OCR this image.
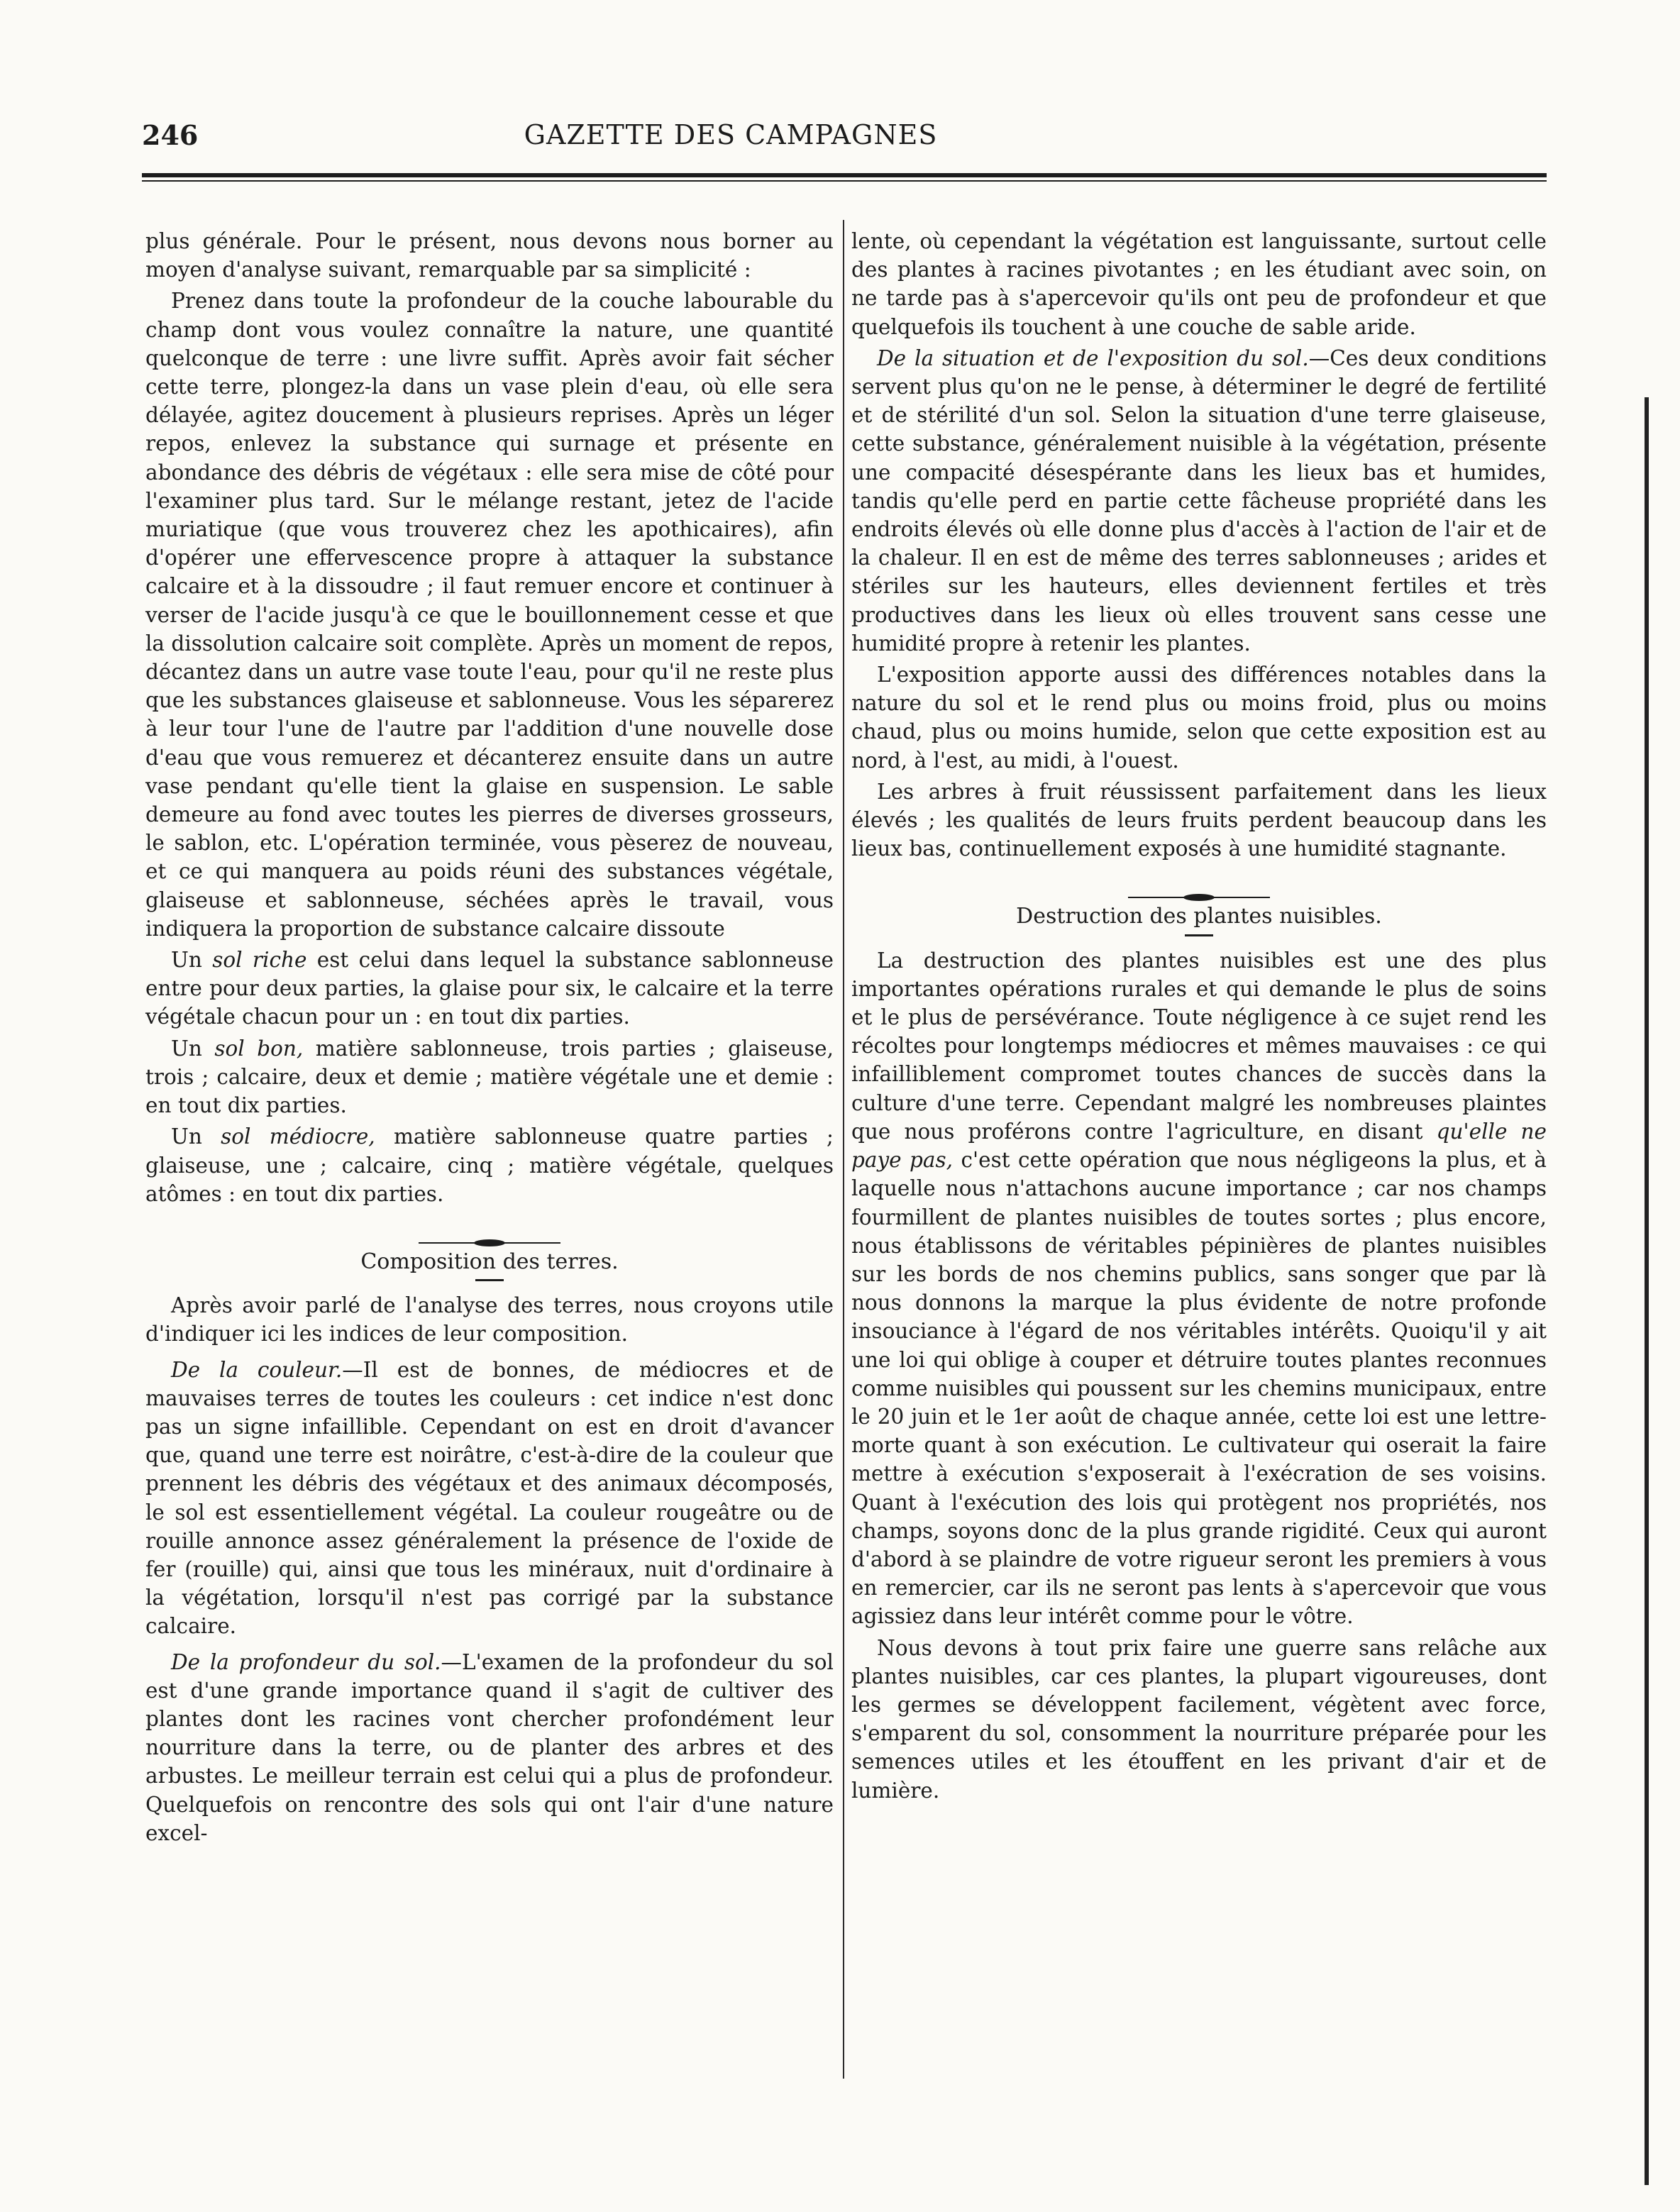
246	GAZETTE DES CAMPAGNES

plus générale. Pour le présent, nous devons nous borner au moyen d'analyse suivant, remarquable par sa simplicité :

Prenez dans toute la profondeur de la couche labourable du champ dont vous voulez connaître la nature, une quantité quelconque de terre : une livre suffit. Après avoir fait sécher cette terre, plongez-la dans un vase plein d'eau, où elle sera délayée, agitez doucement à plusieurs reprises. Après un léger repos, enlevez la substance qui surnage et présente en abondance des débris de végétaux : elle sera mise de côté pour l'examiner plus tard. Sur le mélange restant, jetez de l'acide muriatique (que vous trouverez chez les apothicaires), afin d'opérer une effervescence propre à attaquer la substance calcaire et à la dissoudre ; il faut remuer encore et continuer à verser de l'acide jusqu'à ce que le bouillonnement cesse et que la dissolution calcaire soit complète. Après un moment de repos, décantez dans un autre vase toute l'eau, pour qu'il ne reste plus que les substances glaiseuse et sablonneuse. Vous les séparerez à leur tour l'une de l'autre par l'addition d'une nouvelle dose d'eau que vous remuerez et décanterez ensuite dans un autre vase pendant qu'elle tient la glaise en suspension. Le sable demeure au fond avec toutes les pierres de diverses grosseurs, le sablon, etc. L'opération terminée, vous pèserez de nouveau, et ce qui manquera au poids réuni des substances végétale, glaiseuse et sablonneuse, séchées après le travail, vous indiquera la proportion de substance calcaire dissoute

Un sol riche est celui dans lequel la substance sablonneuse entre pour deux parties, la glaise pour six, le calcaire et la terre végétale chacun pour un : en tout dix parties.

Un sol bon, matière sablonneuse, trois parties ; glaiseuse, trois ; calcaire, deux et demie ; matière végétale une et demie : en tout dix parties.

Un sol médiocre, matière sablonneuse quatre parties ; glaiseuse, une ; calcaire, cinq ; matière végétale, quelques atômes : en tout dix parties.

Composition des terres.

Après avoir parlé de l'analyse des terres, nous croyons utile d'indiquer ici les indices de leur composition.

De la couleur.—Il est de bonnes, de médiocres et de mauvaises terres de toutes les couleurs : cet indice n'est donc pas un signe infaillible. Cependant on est en droit d'avancer que, quand une terre est noirâtre, c'est-à-dire de la couleur que prennent les débris des végétaux et des animaux décomposés, le sol est essentiellement végétal. La couleur rougeâtre ou de rouille annonce assez généralement la présence de l'oxide de fer (rouille) qui, ainsi que tous les minéraux, nuit d'ordinaire à la végétation, lorsqu'il n'est pas corrigé par la substance calcaire.

De la profondeur du sol.—L'examen de la profondeur du sol est d'une grande importance quand il s'agit de cultiver des plantes dont les racines vont chercher profondément leur nourriture dans la terre, ou de planter des arbres et des arbustes. Le meilleur terrain est celui qui a plus de profondeur. Quelquefois on rencontre des sols qui ont l'air d'une nature excel-

lente, où cependant la végétation est languissante, surtout celle des plantes à racines pivotantes ; en les étudiant avec soin, on ne tarde pas à s'apercevoir qu'ils ont peu de profondeur et que quelquefois ils touchent à une couche de sable aride.

De la situation et de l'exposition du sol.—Ces deux conditions servent plus qu'on ne le pense, à déterminer le degré de fertilité et de stérilité d'un sol. Selon la situation d'une terre glaiseuse, cette substance, généralement nuisible à la végétation, présente une compacité désespérante dans les lieux bas et humides, tandis qu'elle perd en partie cette fâcheuse propriété dans les endroits élevés où elle donne plus d'accès à l'action de l'air et de la chaleur. Il en est de même des terres sablonneuses ; arides et stériles sur les hauteurs, elles deviennent fertiles et très productives dans les lieux où elles trouvent sans cesse une humidité propre à retenir les plantes.

L'exposition apporte aussi des différences notables dans la nature du sol et le rend plus ou moins froid, plus ou moins chaud, plus ou moins humide, selon que cette exposition est au nord, à l'est, au midi, à l'ouest.

Les arbres à fruit réussissent parfaitement dans les lieux élevés ; les qualités de leurs fruits perdent beaucoup dans les lieux bas, continuellement exposés à une humidité stagnante.

Destruction des plantes nuisibles.

La destruction des plantes nuisibles est une des plus importantes opérations rurales et qui demande le plus de soins et le plus de persévérance. Toute négligence à ce sujet rend les récoltes pour longtemps médiocres et mêmes mauvaises : ce qui infailliblement compromet toutes chances de succès dans la culture d'une terre. Cependant malgré les nombreuses plaintes que nous proférons contre l'agriculture, en disant qu'elle ne paye pas, c'est cette opération que nous négligeons la plus, et à laquelle nous n'attachons aucune importance ; car nos champs fourmillent de plantes nuisibles de toutes sortes ; plus encore, nous établissons de véritables pépinières de plantes nuisibles sur les bords de nos chemins publics, sans songer que par là nous donnons la marque la plus évidente de notre profonde insouciance à l'égard de nos véritables intérêts. Quoiqu'il y ait une loi qui oblige à couper et détruire toutes plantes reconnues comme nuisibles qui poussent sur les chemins municipaux, entre le 20 juin et le 1er août de chaque année, cette loi est une lettre-morte quant à son exécution. Le cultivateur qui oserait la faire mettre à exécution s'exposerait à l'exécration de ses voisins. Quant à l'exécution des lois qui protègent nos propriétés, nos champs, soyons donc de la plus grande rigidité. Ceux qui auront d'abord à se plaindre de votre rigueur seront les premiers à vous en remercier, car ils ne seront pas lents à s'apercevoir que vous agissiez dans leur intérêt comme pour le vôtre.

Nous devons à tout prix faire une guerre sans relâche aux plantes nuisibles, car ces plantes, la plupart vigoureuses, dont les germes se développent facilement, végètent avec force, s'emparent du sol, consomment la nourriture préparée pour les semences utiles et les étouffent en les privant d'air et de lumière.
